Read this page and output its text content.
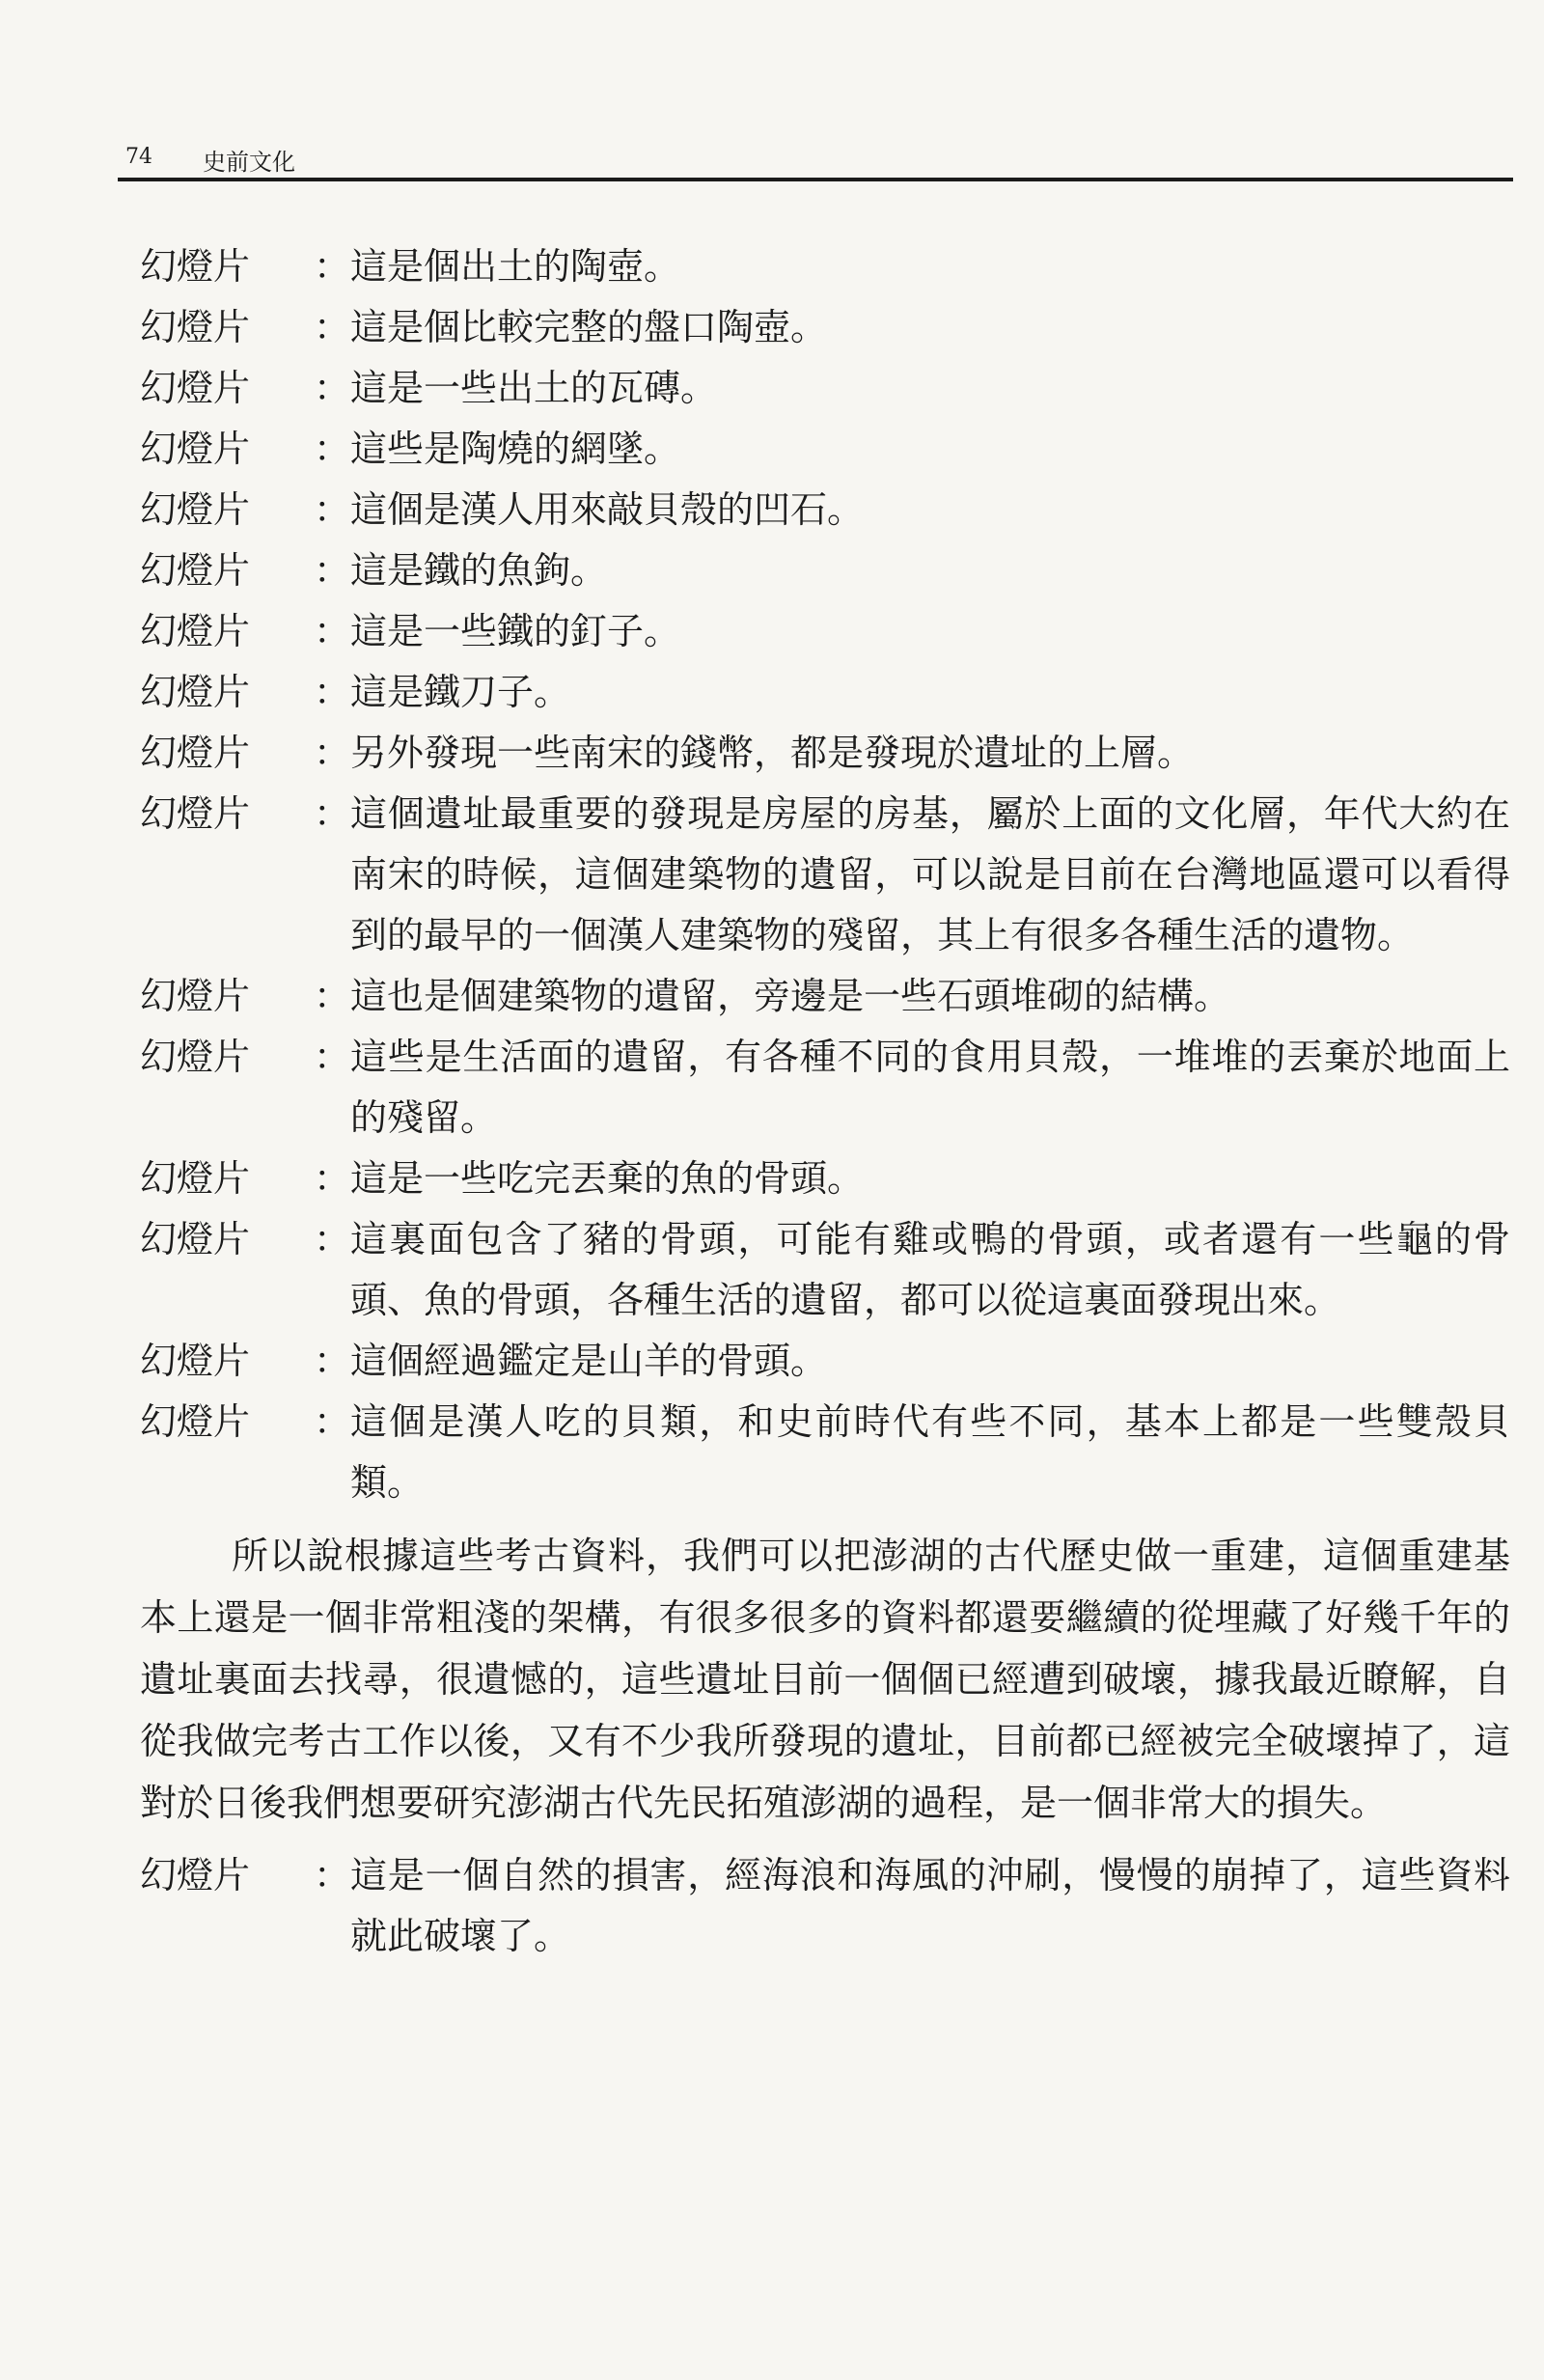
74 史前文化
幻燈片	： 這是個出土的陶壺。
幻燈片	： 這是個比較完整的盤口陶壺。
幻燈片	： 這是一些出土的瓦磚。
幻燈片	： 這些是陶燒的網墜。
幻燈片	： 這個是漢人用來敲貝殼的凹石。
幻燈片	： 這是鐵的魚鉤。
幻燈片	： 這是一些鐵的釘子。
幻燈片	： 這是鐵刀子。
幻燈片	： 另外發現一些南宋的錢幣，都是發現於遺址的上層。
幻燈片	： 這個遺址最重要的發現是房屋的房基，屬於上面的文化層，年代大約在南宋的時候，這個建築物的遺留，可以說是目前在台灣地區還可以看得到的最早的一個漢人建築物的殘留，其上有很多各種生活的遺物。
幻燈片	： 這也是個建築物的遺留，旁邊是一些石頭堆砌的結構。
幻燈片	： 這些是生活面的遺留，有各種不同的食用貝殼，一堆堆的丟棄於地面上的殘留。
幻燈片	： 這是一些吃完丟棄的魚的骨頭。
幻燈片	： 這裏面包含了豬的骨頭，可能有雞或鴨的骨頭，或者還有一些龜的骨頭、魚的骨頭，各種生活的遺留，都可以從這裏面發現出來。
幻燈片	： 這個經過鑑定是山羊的骨頭。
幻燈片	： 這個是漢人吃的貝類，和史前時代有些不同，基本上都是一些雙殼貝類。

所以說根據這些考古資料，我們可以把澎湖的古代歷史做一重建，這個重建基本上還是一個非常粗淺的架構，有很多很多的資料都還要繼續的從埋藏了好幾千年的遺址裏面去找尋，很遺憾的，這些遺址目前一個個已經遭到破壞，據我最近瞭解，自從我做完考古工作以後，又有不少我所發現的遺址，目前都已經被完全破壞掉了，這對於日後我們想要研究澎湖古代先民拓殖澎湖的過程，是一個非常大的損失。

幻燈片	： 這是一個自然的損害，經海浪和海風的沖刷，慢慢的崩掉了，這些資料就此破壞了。
